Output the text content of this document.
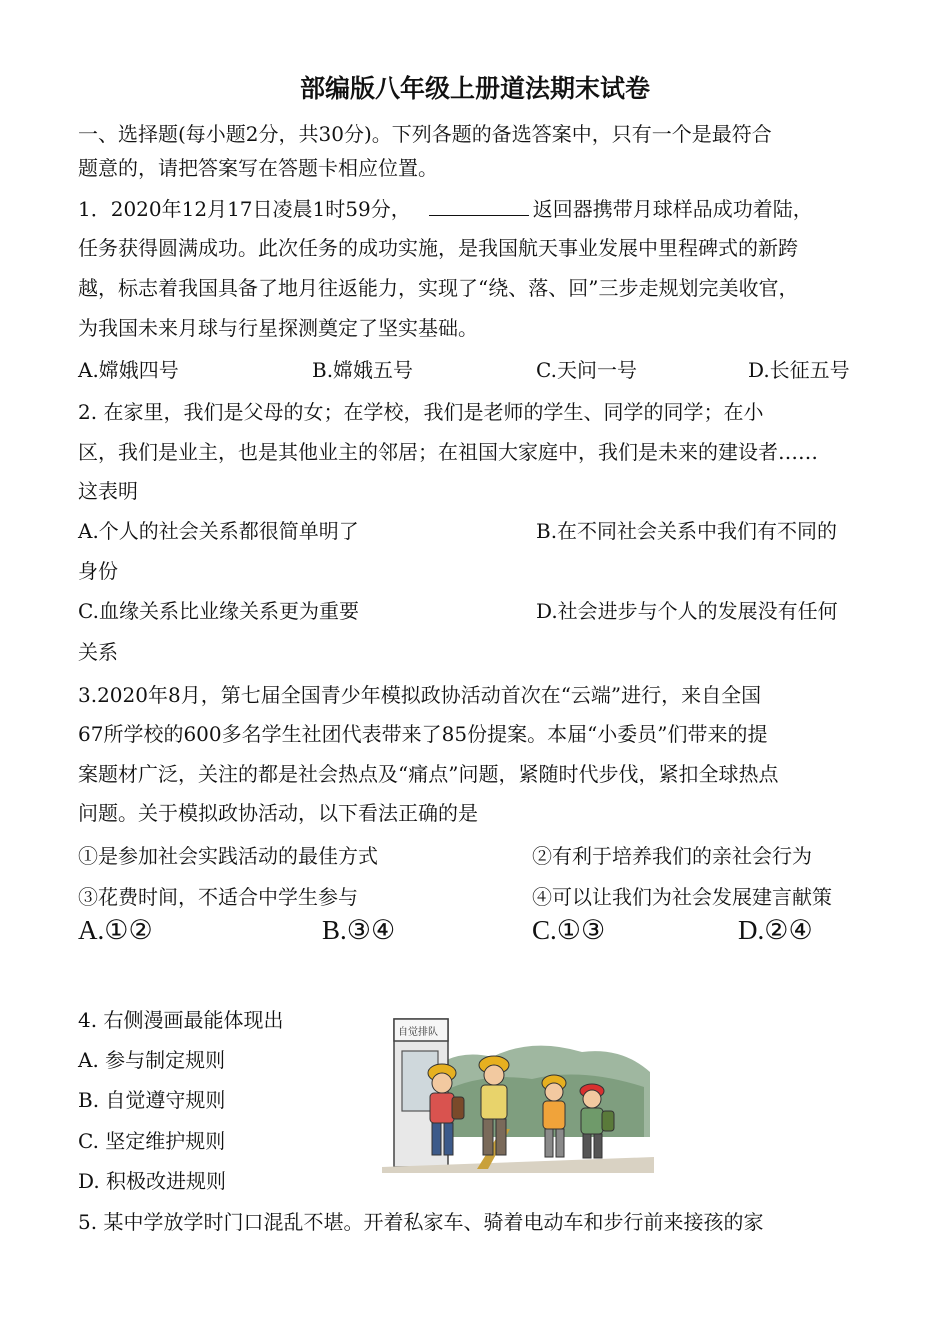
部编版八年级上册道法期末试卷
一、选择题(每小题2分，共30分)。下列各题的备选答案中，只有一个是最符合
题意的，请把答案写在答题卡相应位置。
1．2020年12月17日凌晨1时59分，	返回器携带月球样品成功着陆，
任务获得圆满成功。此次任务的成功实施，是我国航天事业发展中里程碑式的新跨
越，标志着我国具备了地月往返能力，实现了“绕、落、回”三步走规划完美收官，
为我国未来月球与行星探测奠定了坚实基础。
A.嫦娥四号	B.嫦娥五号	C.天问一号	D.长征五号
2. 在家里，我们是父母的女；在学校，我们是老师的学生、同学的同学；在小
区，我们是业主，也是其他业主的邻居；在祖国大家庭中，我们是未来的建设者……
这表明
A.个人的社会关系都很简单明了	B.在不同社会关系中我们有不同的
身份
C.血缘关系比业缘关系更为重要	D.社会进步与个人的发展没有任何
关系
3.2020年8月，第七届全国青少年模拟政协活动首次在“云端”进行，来自全国
67所学校的600多名学生社团代表带来了85份提案。本届“小委员”们带来的提
案题材广泛，关注的都是社会热点及“痛点”问题，紧随时代步伐，紧扣全球热点
问题。关于模拟政协活动，以下看法正确的是
①是参加社会实践活动的最佳方式	②有利于培养我们的亲社会行为
③花费时间，不适合中学生参与	④可以让我们为社会发展建言献策
A.①②	B.③④	C.①③	D.②④
4. 右侧漫画最能体现出
A. 参与制定规则
B. 自觉遵守规则
C. 坚定维护规则
D. 积极改进规则
自觉排队
5. 某中学放学时门口混乱不堪。开着私家车、骑着电动车和步行前来接孩的家
